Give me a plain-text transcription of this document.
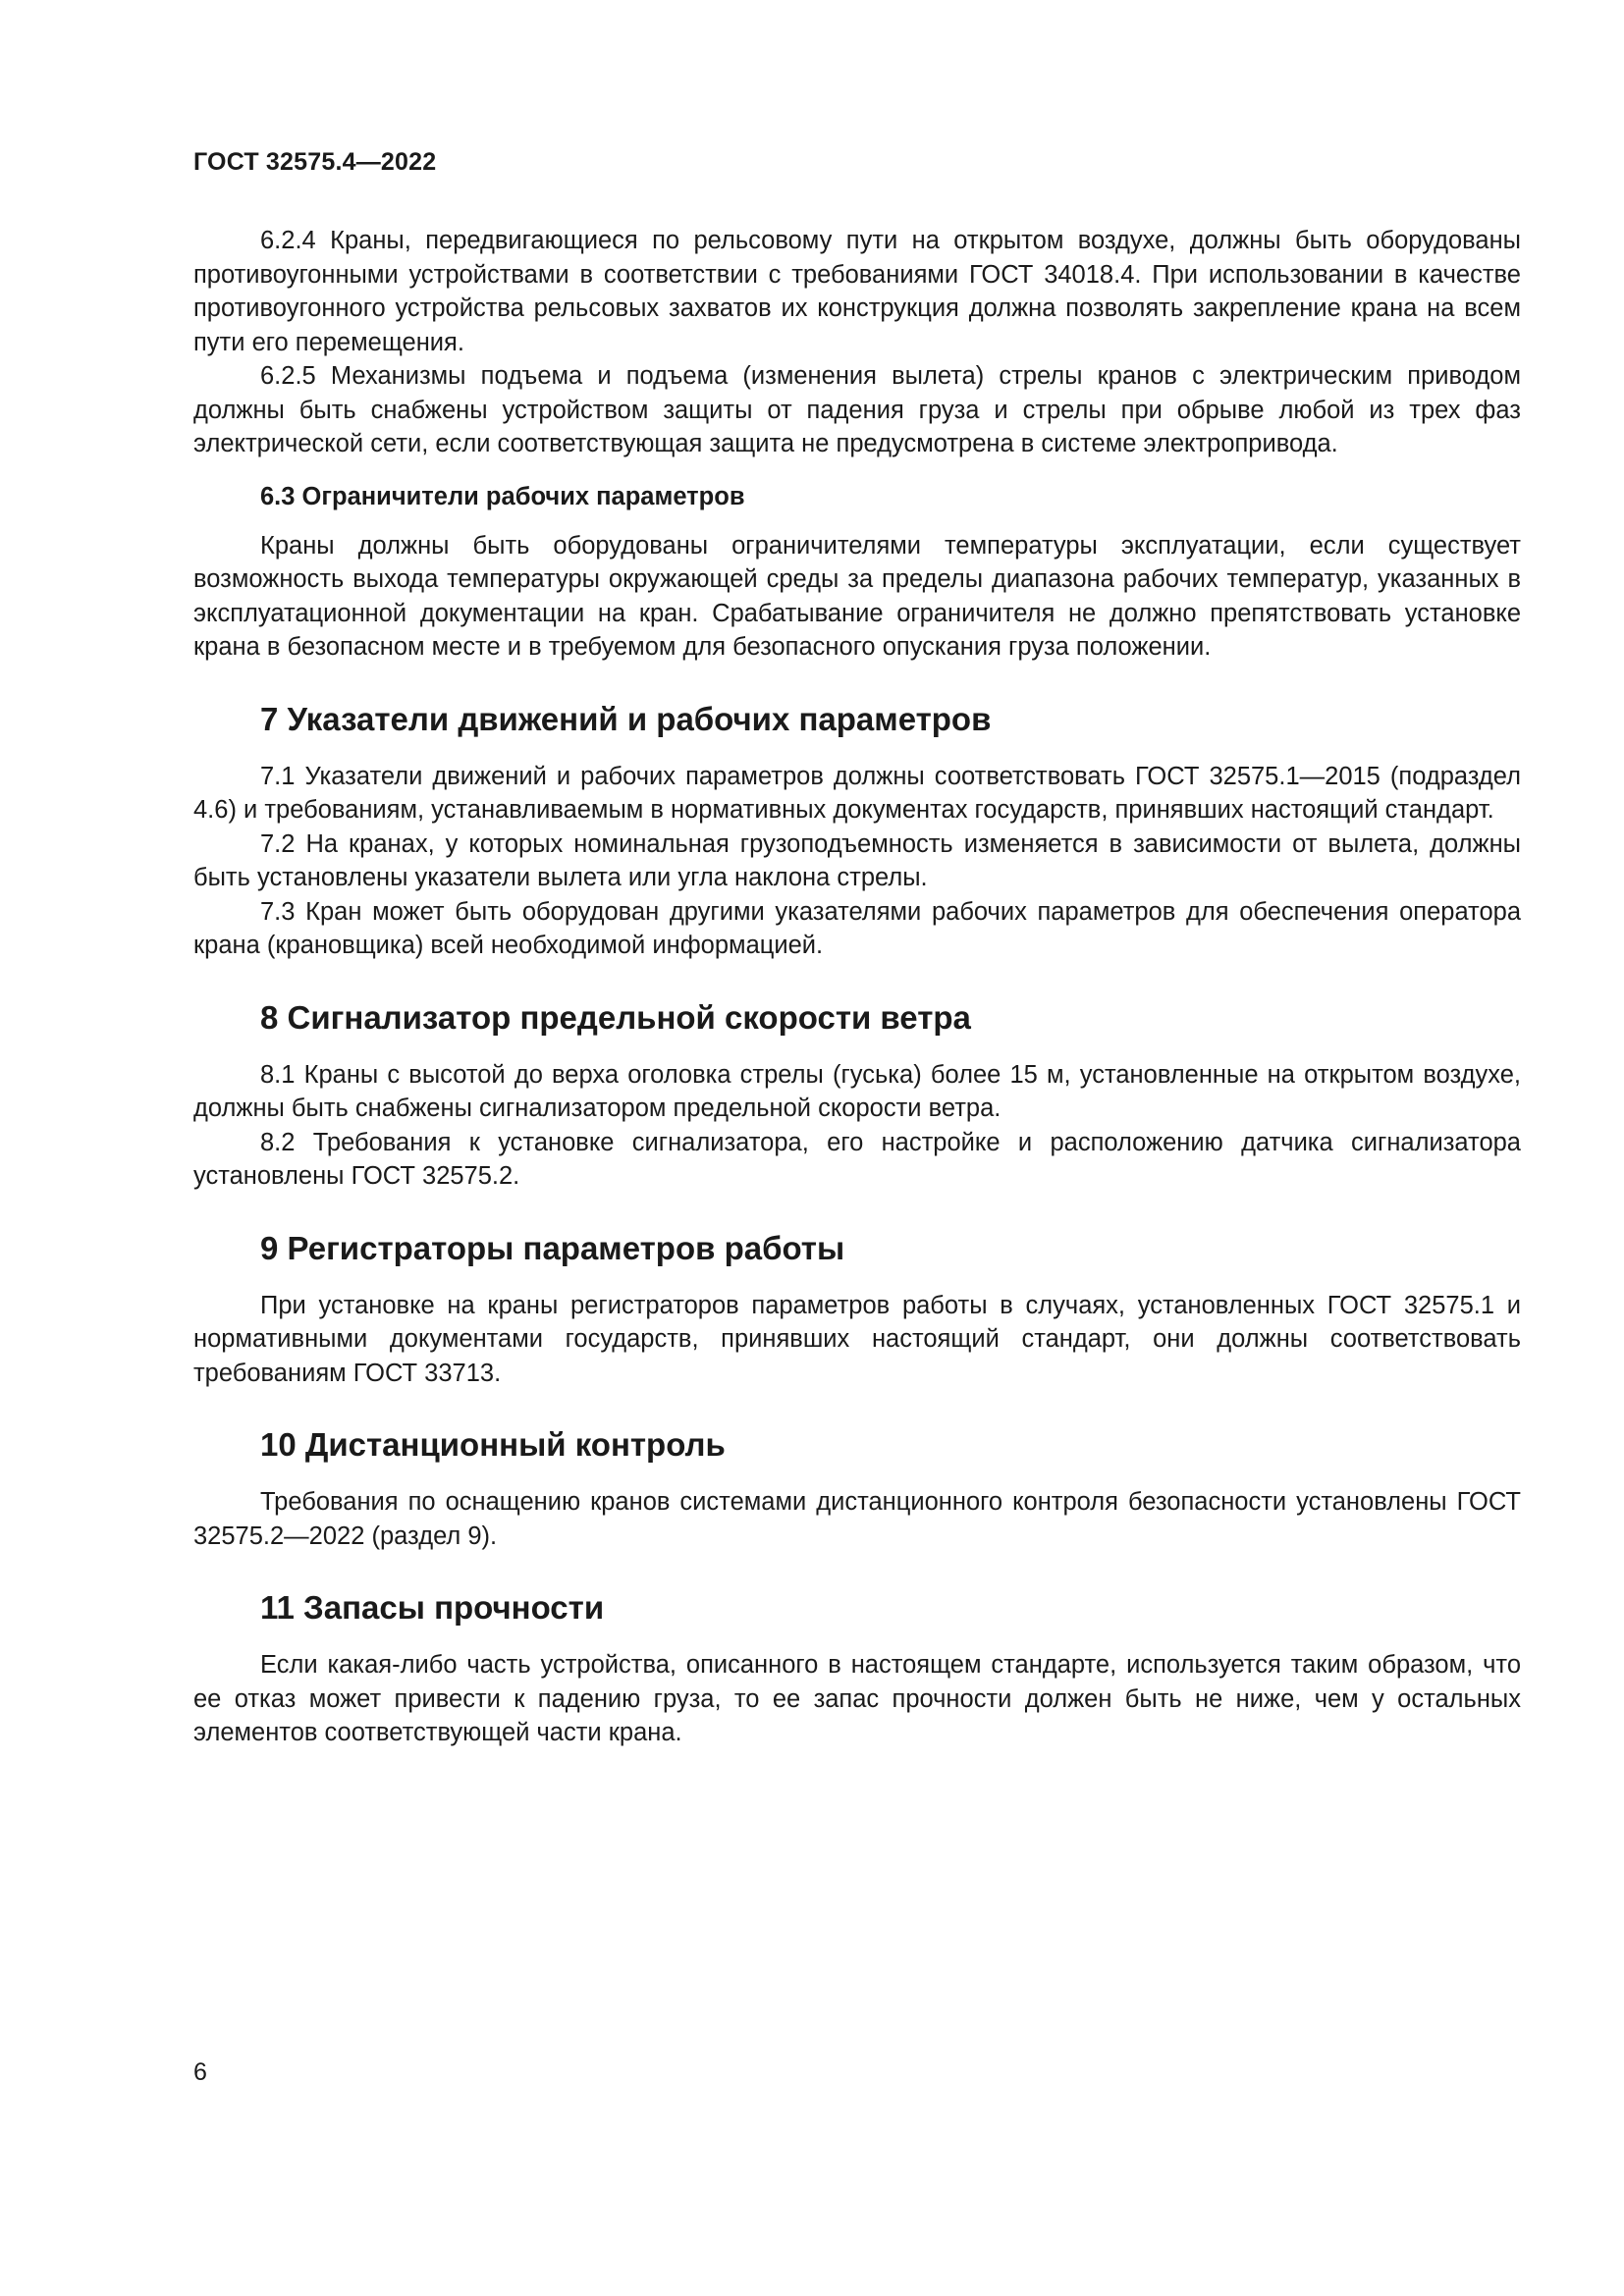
ГОСТ 32575.4—2022

6.2.4 Краны, передвигающиеся по рельсовому пути на открытом воздухе, должны быть оборудованы противоугонными устройствами в соответствии с требованиями ГОСТ 34018.4. При использовании в качестве противоугонного устройства рельсовых захватов их конструкция должна позволять закрепление крана на всем пути его перемещения.

6.2.5 Механизмы подъема и подъема (изменения вылета) стрелы кранов с электрическим приводом должны быть снабжены устройством защиты от падения груза и стрелы при обрыве любой из трех фаз электрической сети, если соответствующая защита не предусмотрена в системе электропривода.

6.3 Ограничители рабочих параметров

Краны должны быть оборудованы ограничителями температуры эксплуатации, если существует возможность выхода температуры окружающей среды за пределы диапазона рабочих температур, указанных в эксплуатационной документации на кран. Срабатывание ограничителя не должно препятствовать установке крана в безопасном месте и в требуемом для безопасного опускания груза положении.

7 Указатели движений и рабочих параметров

7.1 Указатели движений и рабочих параметров должны соответствовать ГОСТ 32575.1—2015 (подраздел 4.6) и требованиям, устанавливаемым в нормативных документах государств, принявших настоящий стандарт.

7.2 На кранах, у которых номинальная грузоподъемность изменяется в зависимости от вылета, должны быть установлены указатели вылета или угла наклона стрелы.

7.3 Кран может быть оборудован другими указателями рабочих параметров для обеспечения оператора крана (крановщика) всей необходимой информацией.

8 Сигнализатор предельной скорости ветра

8.1 Краны с высотой до верха оголовка стрелы (гуська) более 15 м, установленные на открытом воздухе, должны быть снабжены сигнализатором предельной скорости ветра.

8.2 Требования к установке сигнализатора, его настройке и расположению датчика сигнализатора установлены ГОСТ 32575.2.

9 Регистраторы параметров работы

При установке на краны регистраторов параметров работы в случаях, установленных ГОСТ 32575.1 и нормативными документами государств, принявших настоящий стандарт, они должны соответствовать требованиям ГОСТ 33713.

10 Дистанционный контроль

Требования по оснащению кранов системами дистанционного контроля безопасности установлены ГОСТ 32575.2—2022 (раздел 9).

11 Запасы прочности

Если какая-либо часть устройства, описанного в настоящем стандарте, используется таким образом, что ее отказ может привести к падению груза, то ее запас прочности должен быть не ниже, чем у остальных элементов соответствующей части крана.

6
